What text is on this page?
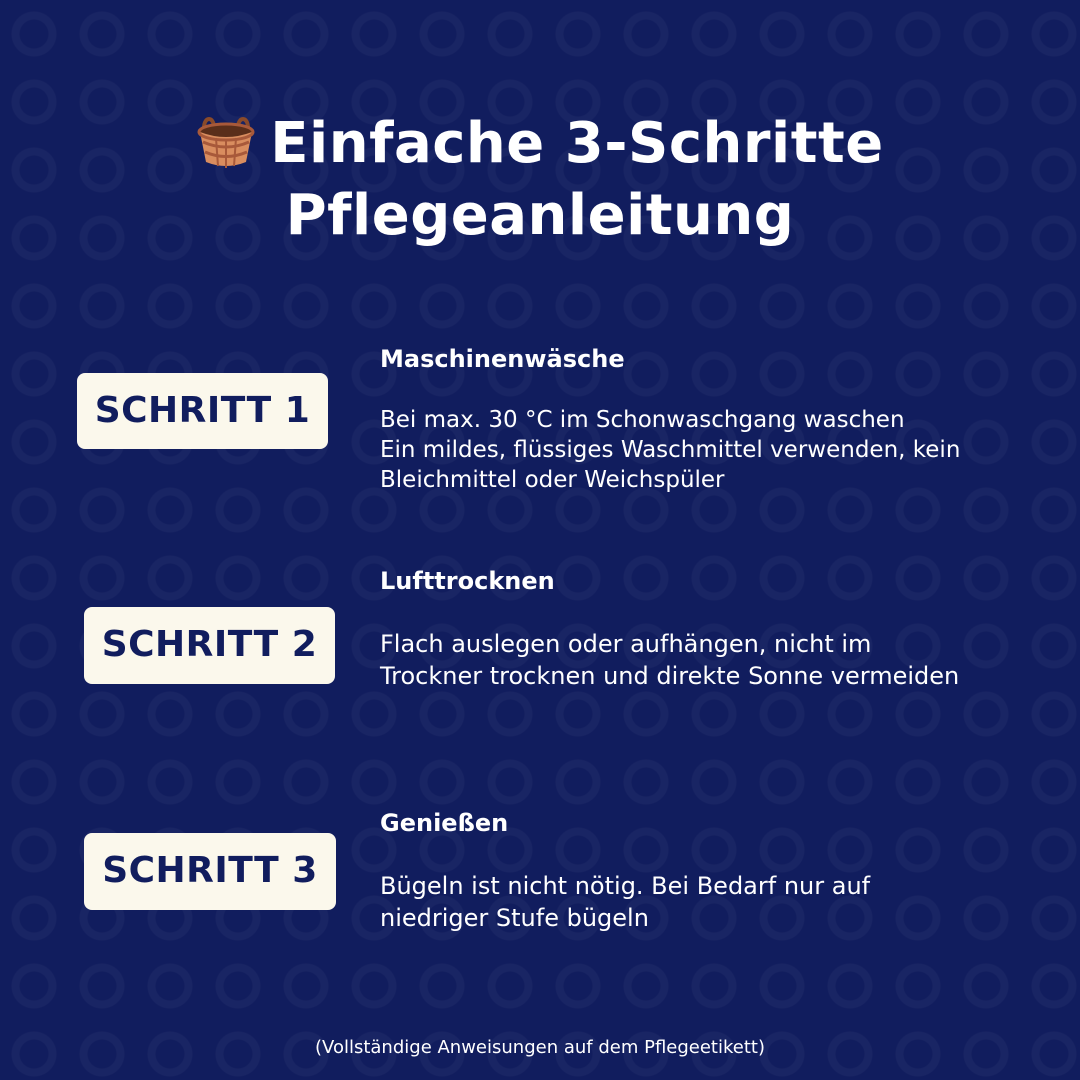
Einfache 3-Schritte
Pflegeanleitung
SCHRITT 1
Maschinenwäsche
Bei max. 30 °C im Schonwaschgang waschen
Ein mildes, flüssiges Waschmittel verwenden, kein Bleichmittel oder Weichspüler
SCHRITT 2
Lufttrocknen
Flach auslegen oder aufhängen, nicht im Trockner trocknen und direkte Sonne vermeiden
SCHRITT 3
Genießen
Bügeln ist nicht nötig. Bei Bedarf nur auf niedriger Stufe bügeln
(Vollständige Anweisungen auf dem Pflegeetikett)
